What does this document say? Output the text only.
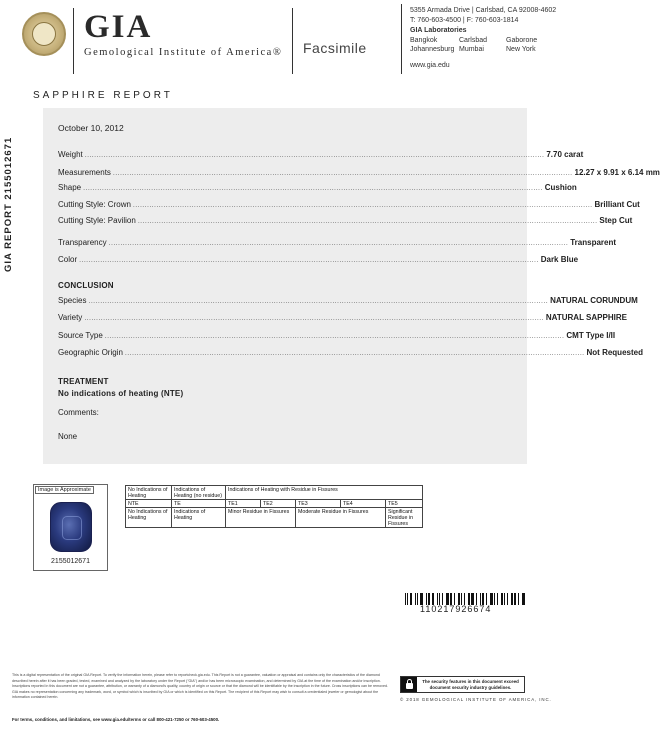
GIA
Gemological Institute of America® Facsimile
5355 Armada Drive | Carlsbad, CA 92008-4602
T: 760-603-4500 | F: 760-603-1814
GIA Laboratories
Bangkok	Carlsbad	Gaborone
Johannesburg Mumbai	New York
www.gia.edu
SAPPHIRE REPORT
GIA REPORT 2155012671
October 10, 2012
Weight .................................................................................................................................................................................................... 7.70 carat
Measurements .................................................................................................................................................................................................... 12.27 x 9.91 x 6.14 mm
Shape .................................................................................................................................................................................................... Cushion
Cutting Style: Crown .................................................................................................................................................................................................... Brilliant Cut
Cutting Style: Pavilion .................................................................................................................................................................................................... Step Cut
Transparency .................................................................................................................................................................................................... Transparent
Color .................................................................................................................................................................................................... Dark Blue
CONCLUSION
Species .................................................................................................................................................................................................... NATURAL CORUNDUM
Variety .................................................................................................................................................................................................... NATURAL SAPPHIRE
Source Type .................................................................................................................................................................................................... CMT Type I/II
Geographic Origin .................................................................................................................................................................................................... Not Requested
TREATMENT
No indications of heating (NTE)
Comments:
None
Image is Approximate
2155012671
No Indications of Heating	Indications of Heating (no residue)	Indications of Heating with Residue in Fissures				
NTE	TE	TE1	TE2	TE3	TE4	TE5
No Indications of Heating	Indications of Heating	Minor Residue in Fissures		Moderate Residue in Fissures		Significant Residue in Fissures
110217926674
This is a digital representation of the original GIA Report. To verify the information herein, please refer to reportcheck.gia.edu. This Report is not a guarantee, valuation or appraisal and contains only the characteristics of the diamond described herein after it has been graded, tested, examined and analyzed by the laboratory under the Report ("GIA") and/or has been microscopic examination, and determined by GIA at the time of the examination and/or inscription. Inscriptions reported in this document are not a guarantee, attribution, or warranty of a diamond's quality, country of origin or source or that the diamond will be identifiable by the inscription in the future. Cross inscriptions can be removed. GIA makes no representation concerning any trademark, word, or symbol which is inscribed by GIA or which is identified on this Report. The recipient of this Report may wish to consult a credentialed jeweler or gemologist about the information contained herein.
For terms, conditions, and limitations, see www.gia.edu/terms or call 800-421-7250 or 760-603-4500.
The security features in this document exceed document security industry guidelines.
© 2018 GEMOLOGICAL INSTITUTE OF AMERICA, INC.
